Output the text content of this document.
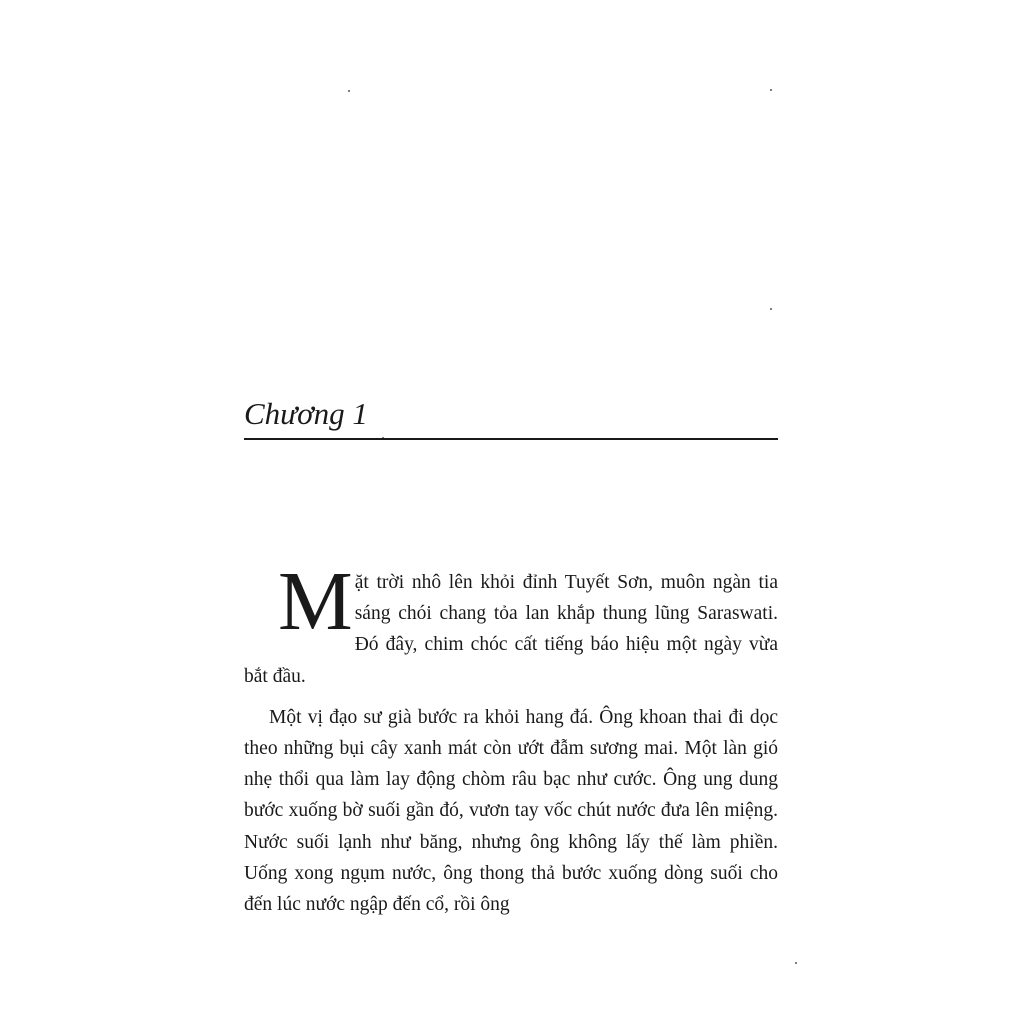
Chương 1

Mặt trời nhô lên khỏi đỉnh Tuyết Sơn, muôn ngàn tia sáng chói chang tỏa lan khắp thung lũng Saraswati. Đó đây, chim chóc cất tiếng báo hiệu một ngày vừa bắt đầu.

Một vị đạo sư già bước ra khỏi hang đá. Ông khoan thai đi dọc theo những bụi cây xanh mát còn ướt đẫm sương mai. Một làn gió nhẹ thổi qua làm lay động chòm râu bạc như cước. Ông ung dung bước xuống bờ suối gần đó, vươn tay vốc chút nước đưa lên miệng. Nước suối lạnh như băng, nhưng ông không lấy thế làm phiền. Uống xong ngụm nước, ông thong thả bước xuống dòng suối cho đến lúc nước ngập đến cổ, rồi ông
